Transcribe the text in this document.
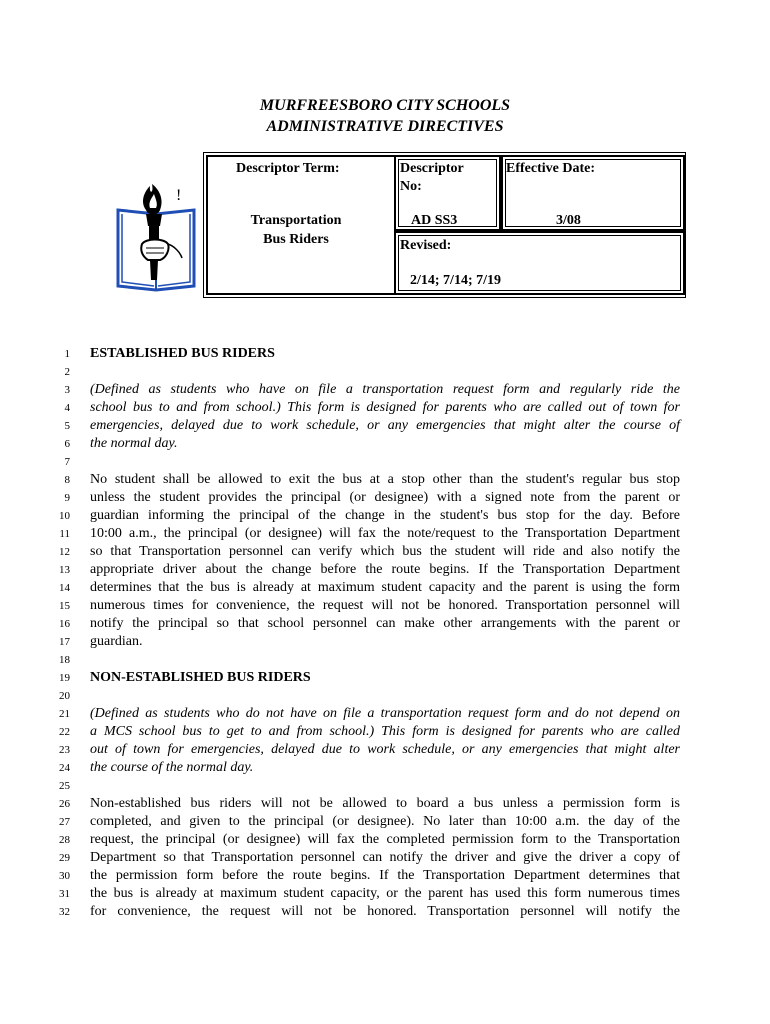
MURFREESBORO CITY SCHOOLS
ADMINISTRATIVE DIRECTIVES
!
Descriptor Term:
Transportation
Bus Riders
Descriptor
No:
AD SS3
Effective Date:
3/08
Revised:
2/14; 7/14; 7/19
1 ESTABLISHED BUS RIDERS
2
3 (Defined as students who have on file a transportation request form and regularly ride the
4 school bus to and from school.) This form is designed for parents who are called out of town for
5 emergencies, delayed due to work schedule, or any emergencies that might alter the course of
6 the normal day.
7
8 No student shall be allowed to exit the bus at a stop other than the student's regular bus stop
9 unless the student provides the principal (or designee) with a signed note from the parent or
10 guardian informing the principal of the change in the student's bus stop for the day. Before
11 10:00 a.m., the principal (or designee) will fax the note/request to the Transportation Department
12 so that Transportation personnel can verify which bus the student will ride and also notify the
13 appropriate driver about the change before the route begins. If the Transportation Department
14 determines that the bus is already at maximum student capacity and the parent is using the form
15 numerous times for convenience, the request will not be honored. Transportation personnel will
16 notify the principal so that school personnel can make other arrangements with the parent or
17 guardian.
18
19 NON-ESTABLISHED BUS RIDERS
20
21 (Defined as students who do not have on file a transportation request form and do not depend on
22 a MCS school bus to get to and from school.) This form is designed for parents who are called
23 out of town for emergencies, delayed due to work schedule, or any emergencies that might alter
24 the course of the normal day.
25
26 Non-established bus riders will not be allowed to board a bus unless a permission form is
27 completed, and given to the principal (or designee). No later than 10:00 a.m. the day of the
28 request, the principal (or designee) will fax the completed permission form to the Transportation
29 Department so that Transportation personnel can notify the driver and give the driver a copy of
30 the permission form before the route begins. If the Transportation Department determines that
31 the bus is already at maximum student capacity, or the parent has used this form numerous times
32 for convenience, the request will not be honored. Transportation personnel will notify the
